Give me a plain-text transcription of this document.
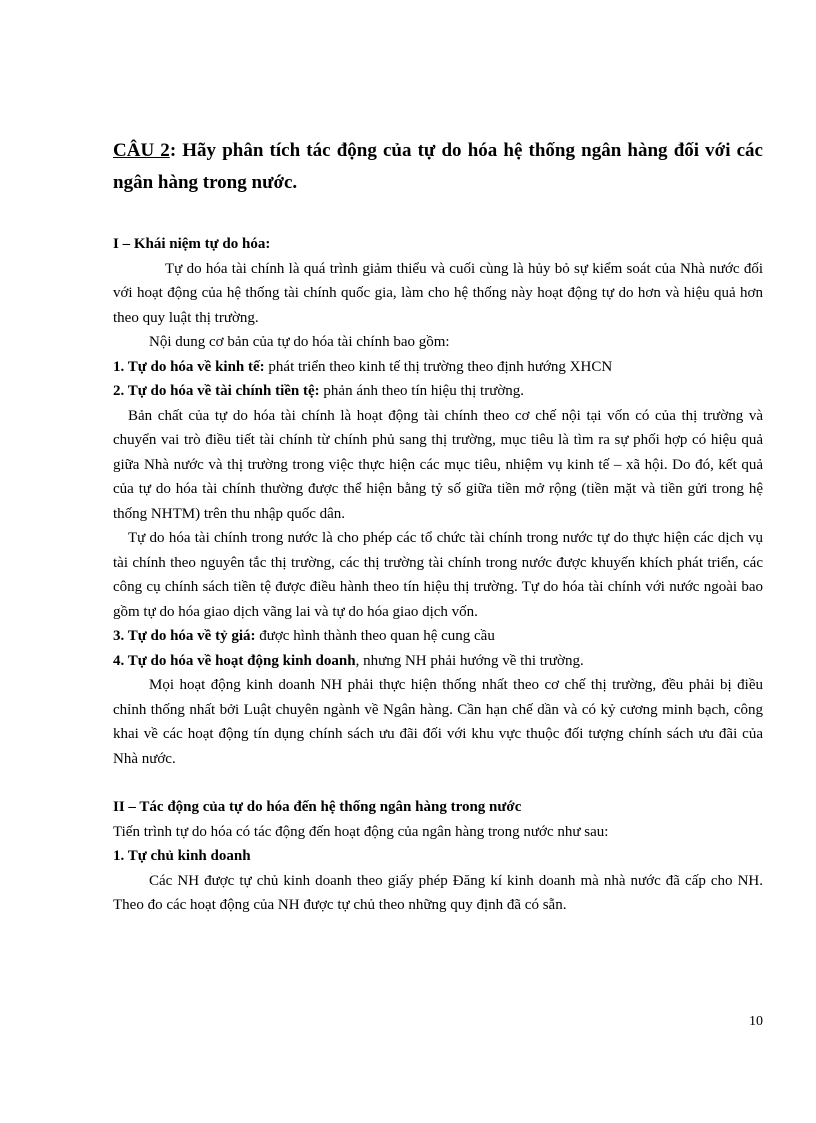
CÂU 2: Hãy phân tích tác động của tự do hóa hệ thống ngân hàng đối với các ngân hàng trong nước.

I – Khái niệm tự do hóa:

Tự do hóa tài chính là quá trình giảm thiểu và cuối cùng là hủy bỏ sự kiểm soát của Nhà nước đối với hoạt động của hệ thống tài chính quốc gia, làm cho hệ thống này hoạt động tự do hơn và hiệu quả hơn theo quy luật thị trường.

Nội dung cơ bản của tự do hóa tài chính bao gồm:

1. Tự do hóa về kinh tế: phát triển theo kinh tế thị trường theo định hướng XHCN

2. Tự do hóa về tài chính tiền tệ: phản ánh theo tín hiệu thị trường.

Bản chất của tự do hóa tài chính là hoạt động tài chính theo cơ chế nội tại vốn có của thị trường và chuyển vai trò điều tiết tài chính từ chính phủ sang thị trường, mục tiêu là tìm ra sự phối hợp có hiệu quả giữa Nhà nước và thị trường trong việc thực hiện các mục tiêu, nhiệm vụ kinh tế – xã hội. Do đó, kết quả của tự do hóa tài chính thường được thể hiện bằng tỷ số giữa tiền mở rộng (tiền mặt và tiền gửi trong hệ thống NHTM) trên thu nhập quốc dân.

Tự do hóa tài chính trong nước là cho phép các tổ chức tài chính trong nước tự do thực hiện các dịch vụ tài chính theo nguyên tắc thị trường, các thị trường tài chính trong nước được khuyến khích phát triển, các công cụ chính sách tiền tệ được điều hành theo tín hiệu thị trường. Tự do hóa tài chính với nước ngoài bao gồm tự do hóa giao dịch vãng lai và tự do hóa giao dịch vốn.

3. Tự do hóa về tỷ giá: được hình thành theo quan hệ cung cầu

4. Tự do hóa về hoạt động kinh doanh, nhưng NH phải hướng về thi trường.

Mọi hoạt động kinh doanh NH phải thực hiện thống nhất theo cơ chế thị trường, đều phải bị điều chỉnh thống nhất bởi Luật chuyên ngành về Ngân hàng. Cần hạn chế dần và có kỷ cương minh bạch, công khai về các hoạt động tín dụng chính sách ưu đãi đối với khu vực thuộc đối tượng chính sách ưu đãi của Nhà nước.

II – Tác động của tự do hóa đến hệ thống ngân hàng trong nước

Tiến trình tự do hóa có tác động đến hoạt động của ngân hàng trong nước như sau:

1. Tự chủ kinh doanh

Các NH được tự chủ kinh doanh theo giấy phép Đăng kí kinh doanh mà nhà nước đã cấp cho NH. Theo đo các hoạt động của NH được tự chủ theo những quy định đã có sẵn.

10
